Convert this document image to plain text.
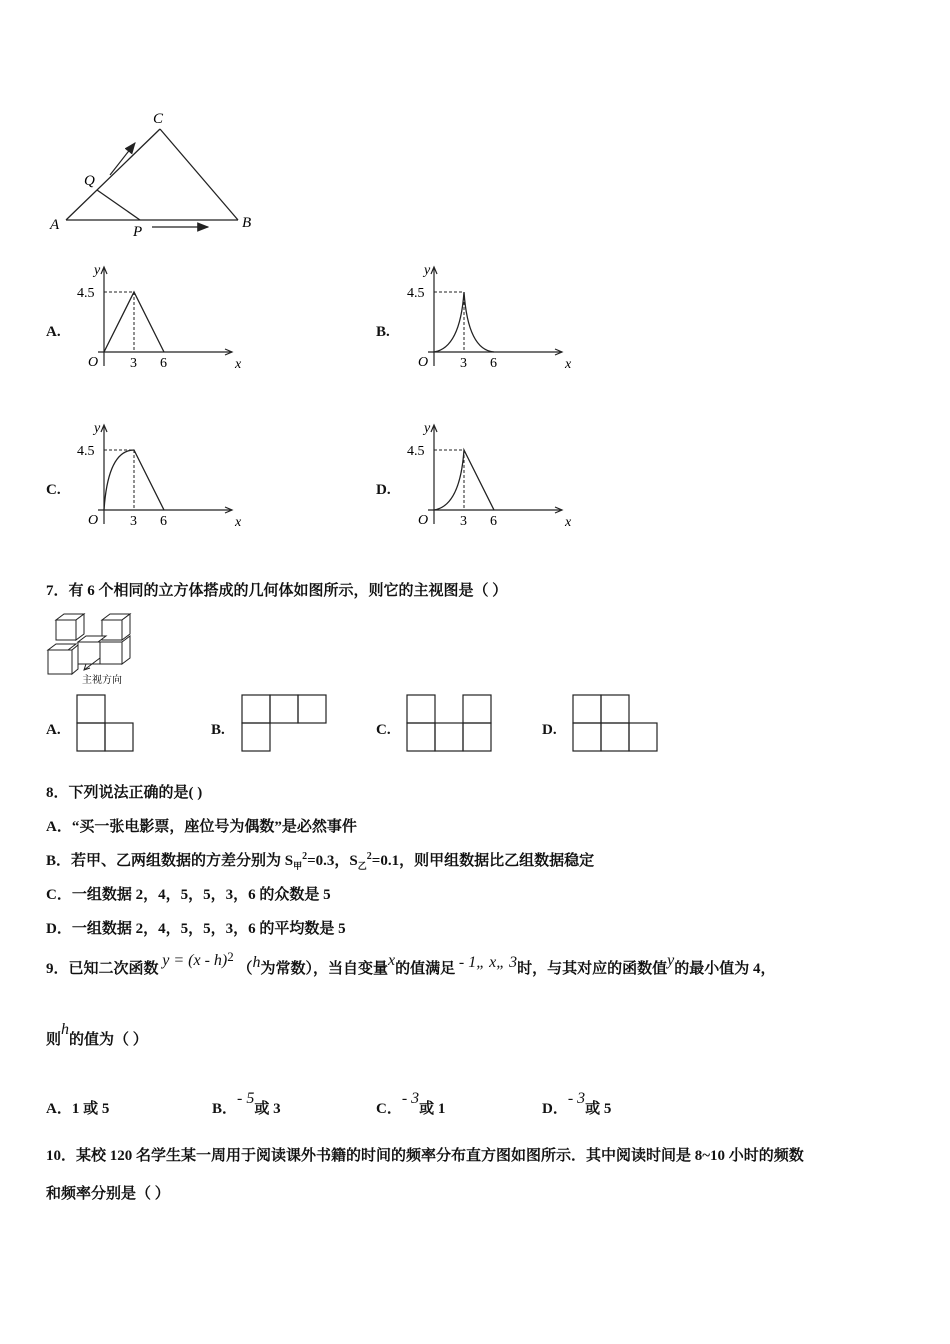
A	B
C
P
Q
A.
y
x
O
4.5
3 6
B.
y
x
O
4.5
3 6
C.
y
x
O
4.5
3 6
D.
y
x
O
4.5
3 6
7．有 6 个相同的立方体搭成的几何体如图所示，则它的主视图是（ ）
主视方向
A.	B.	C.	D.
8．下列说法正确的是( )
A．“买一张电影票，座位号为偶数”是必然事件
B．若甲、乙两组数据的方差分别为 $S_甲^2=0.3$，$S_乙^2=0.1$，则甲组数据比乙组数据稳定
C．一组数据 2，4，5，5，3，6 的众数是 5
D．一组数据 2，4，5，5，3，6 的平均数是 5
9．已知二次函数 y = (x - h)$^2$ （h为常数），当自变量x的值满足 - 1„ x„ 3时，与其对应的函数值y的最小值为 4，
则h的值为（ ）
A．1 或 5	B．- 5或 3	C．- 3或 1	D．- 3或 5
10．某校 120 名学生某一周用于阅读课外书籍的时间的频率分布直方图如图所示．其中阅读时间是 8~10 小时的频数
和频率分别是（ ）
